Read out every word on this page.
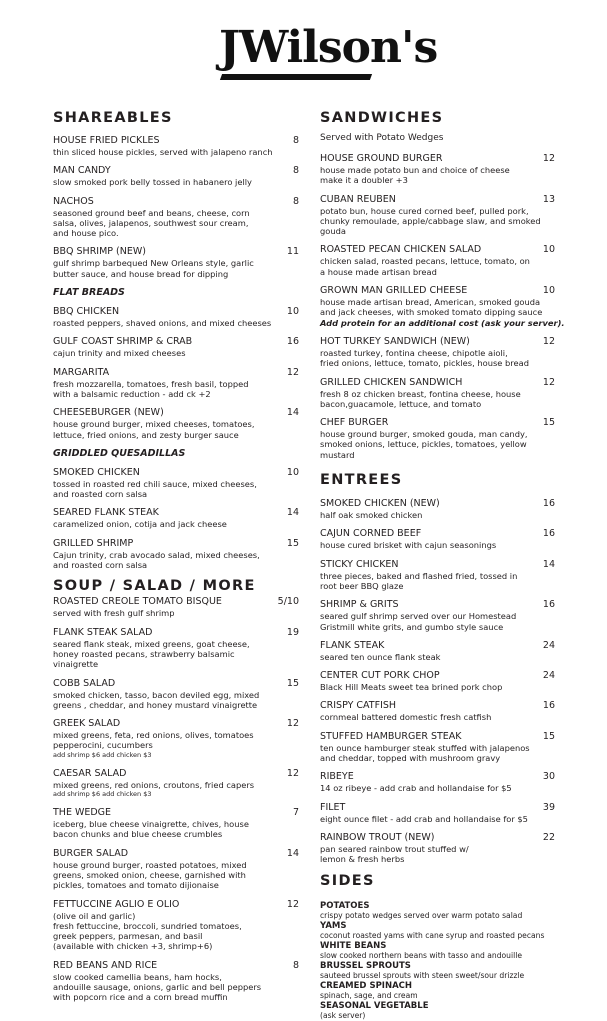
JWilson's
SHAREABLES
HOUSE FRIED PICKLES	8
thin sliced house pickles, served with jalapeno ranch
MAN CANDY	8
slow smoked pork belly tossed in habanero jelly
NACHOS	8
seasoned ground beef and beans, cheese, corn
salsa, olives, jalapenos, southwest sour cream,
and house pico.
BBQ SHRIMP (NEW)	11
gulf shrimp barbequed New Orleans style, garlic
butter sauce, and house bread for dipping
FLAT BREADS
BBQ CHICKEN	10
roasted peppers, shaved onions, and mixed cheeses
GULF COAST SHRIMP & CRAB	16
cajun trinity and mixed cheeses
MARGARITA	12
fresh mozzarella, tomatoes, fresh basil, topped
with a balsamic reduction - add ck +2
CHEESEBURGER (NEW)	14
house ground burger, mixed cheeses, tomatoes,
lettuce, fried onions, and zesty burger sauce
GRIDDLED QUESADILLAS
SMOKED CHICKEN	10
tossed in roasted red chili sauce, mixed cheeses,
and roasted corn salsa
SEARED FLANK STEAK	14
caramelized onion, cotija and jack cheese
GRILLED SHRIMP	15
Cajun trinity, crab avocado salad, mixed cheeses,
and roasted corn salsa
SOUP / SALAD / MORE
ROASTED CREOLE TOMATO BISQUE	5/10
served with fresh gulf shrimp
FLANK STEAK SALAD	19
seared flank steak, mixed greens, goat cheese,
honey roasted pecans, strawberry balsamic
vinaigrette
COBB SALAD	15
smoked chicken, tasso, bacon deviled egg, mixed
greens , cheddar, and honey mustard vinaigrette
GREEK SALAD	12
mixed greens, feta, red onions, olives, tomatoes
pepperocini, cucumbers
add shrimp $6 add chicken $3
CAESAR SALAD	12
mixed greens, red onions, croutons, fried capers
add shrimp $6 add chicken $3
THE WEDGE	7
iceberg, blue cheese vinaigrette, chives, house
bacon chunks and blue cheese crumbles
BURGER SALAD	14
house ground burger, roasted potatoes, mixed
greens, smoked onion, cheese, garnished with
pickles, tomatoes and tomato dijionaise
FETTUCCINE AGLIO E OLIO	12
(olive oil and garlic)
fresh fettuccine, broccoli, sundried tomatoes,
greek peppers, parmesan, and basil
(available with chicken +3, shrimp+6)
RED BEANS AND RICE	8
slow cooked camellia beans, ham hocks,
andouille sausage, onions, garlic and bell peppers
with popcorn rice and a corn bread muffin
SANDWICHES
Served with Potato Wedges
HOUSE GROUND BURGER	12
house made potato bun and choice of cheese
make it a doubler +3
CUBAN REUBEN	13
potato bun, house cured corned beef, pulled pork,
chunky remoulade, apple/cabbage slaw, and smoked
gouda
ROASTED PECAN CHICKEN SALAD	10
chicken salad, roasted pecans, lettuce, tomato, on
a house made artisan bread
GROWN MAN GRILLED CHEESE	10
house made artisan bread, American, smoked gouda
and jack cheeses, with smoked tomato dipping sauce
Add protein for an additional cost (ask your server).
HOT TURKEY SANDWICH (NEW)	12
roasted turkey, fontina cheese, chipotle aioli,
fried onions, lettuce, tomato, pickles, house bread
GRILLED CHICKEN SANDWICH	12
fresh 8 oz chicken breast, fontina cheese, house
bacon,guacamole, lettuce, and tomato
CHEF BURGER	15
house ground burger, smoked gouda, man candy,
smoked onions, lettuce, pickles, tomatoes, yellow
mustard
ENTREES
SMOKED CHICKEN (NEW)	16
half oak smoked chicken
CAJUN CORNED BEEF	16
house cured brisket with cajun seasonings
STICKY CHICKEN	14
three pieces, baked and flashed fried, tossed in
root beer BBQ glaze
SHRIMP & GRITS	16
seared gulf shrimp served over our Homestead
Gristmill white grits, and gumbo style sauce
FLANK STEAK	24
seared ten ounce flank steak
CENTER CUT PORK CHOP	24
Black Hill Meats sweet tea brined pork chop
CRISPY CATFISH	16
cornmeal battered domestic fresh catfish
STUFFED HAMBURGER STEAK	15
ten ounce hamburger steak stuffed with jalapenos
and cheddar, topped with mushroom gravy
RIBEYE	30
14 oz ribeye - add crab and hollandaise for $5
FILET	39
eight ounce filet - add crab and hollandaise for $5
RAINBOW TROUT (NEW)	22
pan seared rainbow trout stuffed w/
lemon & fresh herbs
SIDES
POTATOES
crispy potato wedges served over warm potato salad
YAMS
coconut roasted yams with cane syrup and roasted pecans
WHITE BEANS
slow cooked northern beans with tasso and andouille
BRUSSEL SPROUTS
sauteed brussel sprouts with steen sweet/sour drizzle
CREAMED SPINACH
spinach, sage, and cream
SEASONAL VEGETABLE
(ask server)
